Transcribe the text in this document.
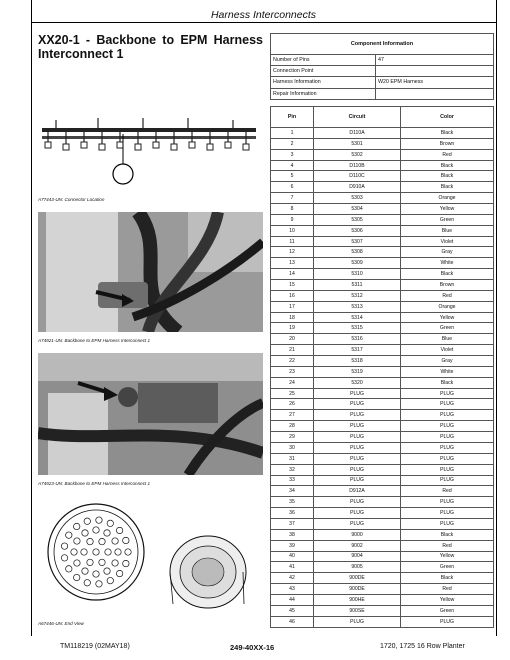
Harness Interconnects
XX20-1 - Backbone to EPM Harness Interconnect 1
Component Information	
Number of Pins	47
Connection Point	
Harness Information	W20 EPM Harness
Repair Information	
Pin	Circuit	Color
1	D110A	Black
2	5301	Brown
3	5302	Red
4	D110B	Black
5	D110C	Black
6	D910A	Black
7	5303	Orange
8	5304	Yellow
9	5305	Green
10	5306	Blue
11	5307	Violet
12	5308	Gray
13	5309	White
14	5310	Black
15	5311	Brown
16	5312	Red
17	5313	Orange
18	5314	Yellow
19	5315	Green
20	5316	Blue
21	5317	Violet
22	5318	Gray
23	5319	White
24	5320	Black
25	PLUG	PLUG
26	PLUG	PLUG
27	PLUG	PLUG
28	PLUG	PLUG
29	PLUG	PLUG
30	PLUG	PLUG
31	PLUG	PLUG
32	PLUG	PLUG
33	PLUG	PLUG
34	D912A	Red
35	PLUG	PLUG
36	PLUG	PLUG
37	PLUG	PLUG
38	9000	Black
39	9002	Red
40	9004	Yellow
41	9005	Green
42	900DE	Black
43	900DE	Red
44	900HE	Yellow
45	900SE	Green
46	PLUG	PLUG
A77443-UN: Connector Location
A74921-UN: Backbone to EPM Harness Interconnect 1
A74923-UN: Backbone to EPM Harness Interconnect 1
A67446-UN: End View
TM118219 (02MAY18)	249-40XX-16	1720, 1725 16 Row Planter
